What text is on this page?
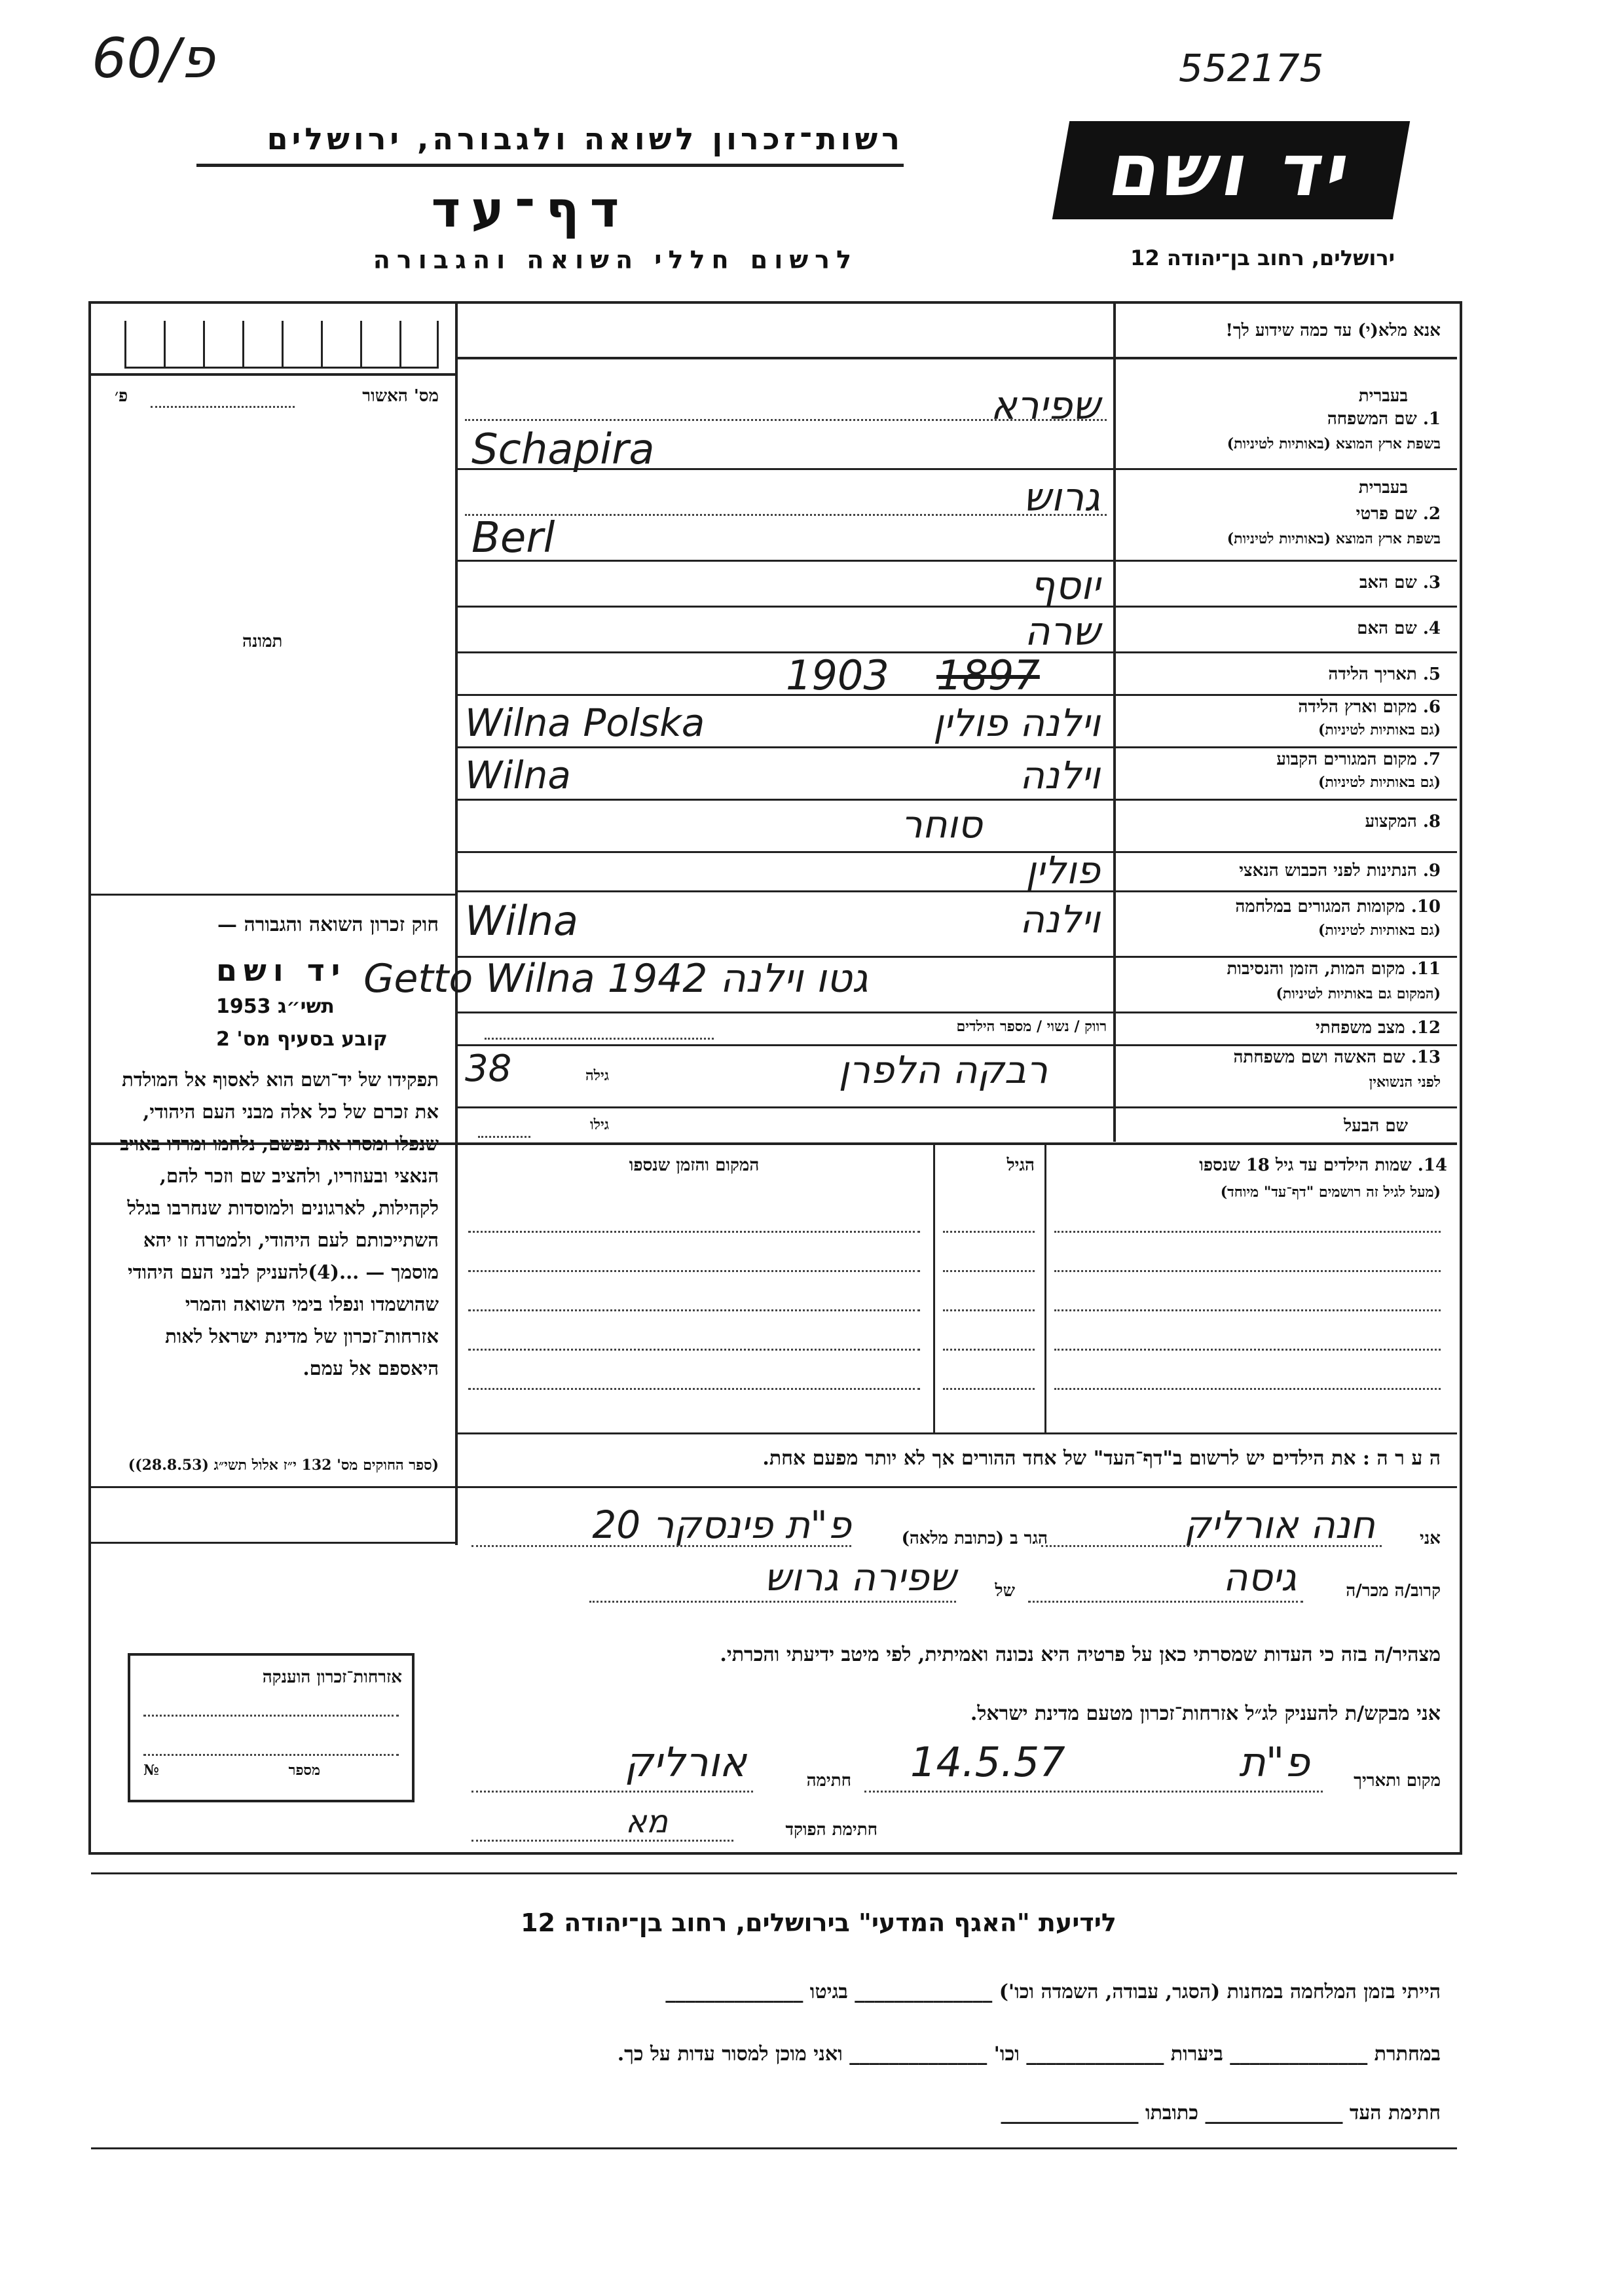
פ/60	552175
רשות־זכרון לשואה ולגבורה, ירושלים
דף־עד
לרשום חללי השואה והגבורה
יד ושם
ירושלים, רחוב בן־יהודה 12
אנא מלא(י) עד כמה שידוע לך!
מס' האשור
פ׳
תמונה
בעברית
1. שם המשפחה
בשפת ארץ המוצא (באותיות לטיניות)
שפירא
Schapira
בעברית
2. שם פרטי
בשפת ארץ המוצא (באותיות לטיניות)
גרוש
Berl
3. שם האב
יוסף
4. שם האם
שרה
5. תאריך הלידה
1903 1897
6. מקום וארץ הלידה
(גם באותיות לטיניות)
וילנה פולין
Wilna Polska
7. מקום המגורים הקבוע
(גם באותיות לטיניות)
וילנה
Wilna
8. המקצוע
סוחר
9. הנתינות לפני הכבוש הנאצי
פולין
10. מקומות המגורים במלחמה
(גם באותיות לטיניות)
וילנה
Wilna
11. מקום המות, הזמן והנסיבות
(המקום גם באותיות לטיניות)
Getto Wilna 1942 גטו וילנה
12. מצב משפחתי
רווק / נשוי / מספר הילדים
13. שם האשה ושם משפחתה
לפני הנשואין
רבקה הלפרן
גילה
38
שם הבעל
גילו
14. שמות הילדים עד גיל 18 שנספו
(מעל לגיל זה רושמים "דף־עד" מיוחד)
הגיל
המקום והזמן שנספו
ה ע ר ה : את הילדים יש לרשום ב"דף־העד" של אחד ההורים אך לא יותר מפעם אחת.
חוק זכרון השואה והגבורה —
יד ושם
תשי״ג 1953
קובע בסעיף מס' 2
תפקידו של יד־ושם הוא לאסוף אל המולדת את זכרם של כל אלה מבני העם היהודי, שנפלו ומסרו את נפשם, נלחמו ומרדו באויב הנאצי ובעוזריו, ולהציב שם וזכר להם, לקהילות, לארגונים ולמוסדות שנחרבו בגלל השתייכותם לעם היהודי, ולמטרה זו יהא מוסמך — ...(4)להעניק לבני העם היהודי שהושמדו ונפלו בימי השואה והמרי אזרחות־זכרון של מדינת ישראל לאות היאספם אל עמם.
(ספר החוקים מס' 132 י״ז אלול תשי״ג (28.8.53))
אזרחות־זכרון הוענקה
מספר
№
אני
חנה אורליק
הגר ב (כתובת מלאה)
פ"ת פינסקר 20
קרוב/ה מכר/ה
גיסה
של
שפירה גרוש
מצהיר/ה בזה כי העדות שמסרתי כאן על פרטיה היא נכונה ואמיתית, לפי מיטב ידיעתי והכרתי.
אני מבקש/ת להעניק לג״ל אזרחות־זכרון מטעם מדינת ישראל.
מקום ותאריך
פ"ת
14.5.57
חתימה
אורליק
חתימת הפוקד
מא
לידיעת "האגף המדעי" בירושלים, רחוב בן־יהודה 12
הייתי בזמן המלחמה במחנות (הסגר, עבודה, השמדה וכו') ______________ בגיטו ______________
במחתרת ______________ ביערות ______________ וכו' ______________ ואני מוכן למסור עדות על כך.
חתימת העד ______________ כתובתו ______________
